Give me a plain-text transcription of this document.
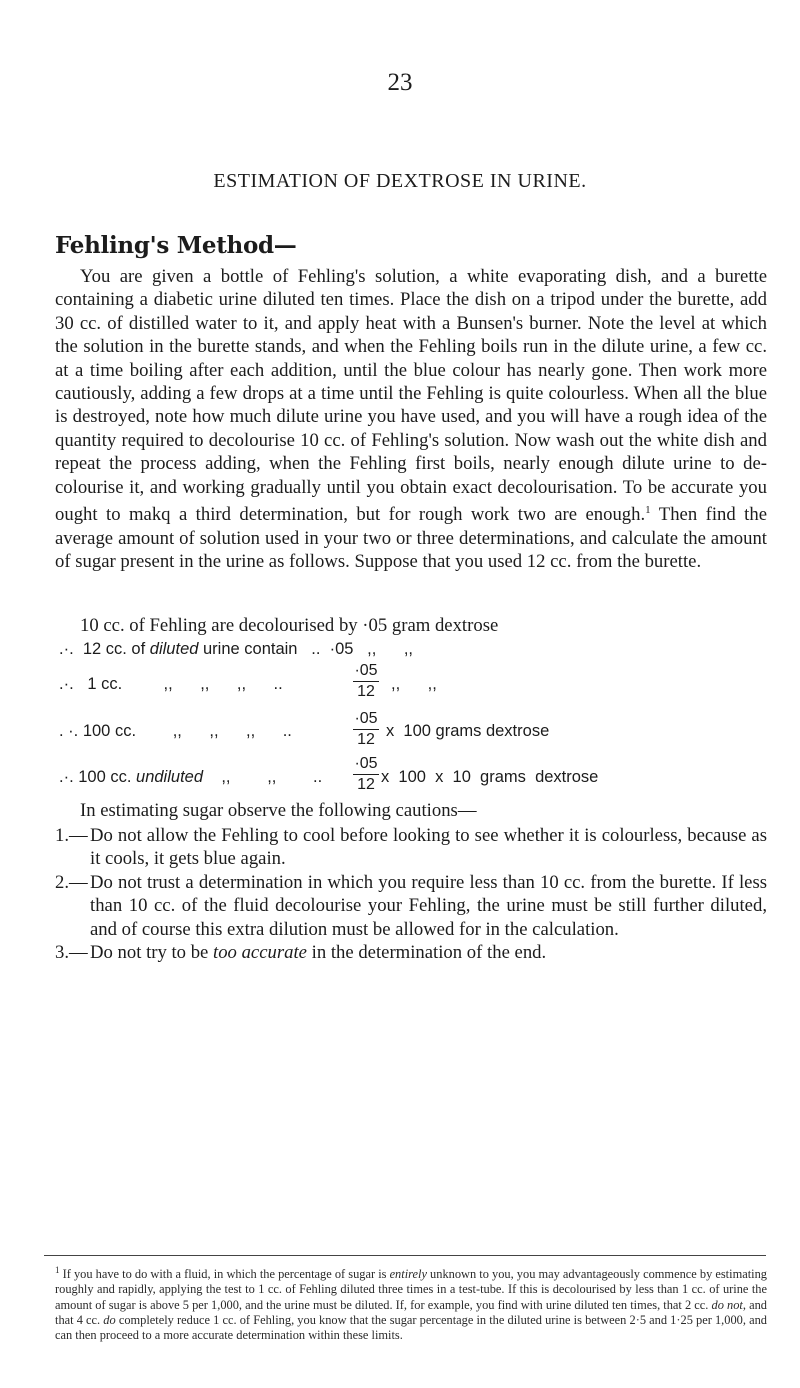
23
ESTIMATION OF DEXTROSE IN URINE.
Fehling's Method—

You are given a bottle of Fehling's solution, a white evaporating dish, and a burette containing a diabetic urine diluted ten times. Place the dish on a tripod under the burette, add 30 cc. of distilled water to it, and apply heat with a Bunsen's burner. Note the level at which the solution in the burette stands, and when the Fehling boils run in the dilute urine, a few cc. at a time boiling after each addition, until the blue colour has nearly gone. Then work more cautiously, adding a few drops at a time until the Fehling is quite colourless. When all the blue is destroyed, note how much dilute urine you have used, and you will have a rough idea of the quantity required to decolourise 10 cc. of Fehling's solution. Now wash out the white dish and repeat the process adding, when the Fehling first boils, nearly enough dilute urine to de-colourise it, and working gradually until you obtain exact decolourisation. To be accurate you ought to makq a third determination, but for rough work two are enough.$^1$ Then find the average amount of solution used in your two or three determinations, and calculate the amount of sugar present in the urine as follows. Suppose that you used 12 cc. from the burette.

10 cc. of Fehling are decolourised by ·05 gram dextrose
.·.  12 cc. of diluted urine contain   ..  ·05   ,,      ,,
.·.   1 cc.         ,,      ,,      ,,      ..
·05
12 ,,      ,,
. ·. 100 cc.        ,,      ,,      ,,      ..
·05
12 x  100 grams dextrose
.·. 100 cc. undiluted    ,,        ,,        ..
·05
12 x  100  x  10  grams  dextrose
In estimating sugar observe the following cautions—
1.— Do not allow the Fehling to cool before looking to see whether it is colourless, because as it cools, it gets blue again.
2.— Do not trust a determination in which you require less than 10 cc. from the burette. If less than 10 cc. of the fluid decolourise your Fehling, the urine must be still further diluted, and of course this extra dilution must be allowed for in the calculation.
3.— Do not try to be too accurate in the determination of the end.
$^1$ If you have to do with a fluid, in which the percentage of sugar is entirely unknown to you, you may advantageously commence by estimating roughly and rapidly, applying the test to 1 cc. of Fehling diluted three times in a test-tube. If this is decolourised by less than 1 cc. of urine the amount of sugar is above 5 per 1,000, and the urine must be diluted. If, for example, you find with urine diluted ten times, that 2 cc. do not, and that 4 cc. do completely reduce 1 cc. of Fehling, you know that the sugar percentage in the diluted urine is between 2·5 and 1·25 per 1,000, and can then proceed to a more accurate determination within these limits.
